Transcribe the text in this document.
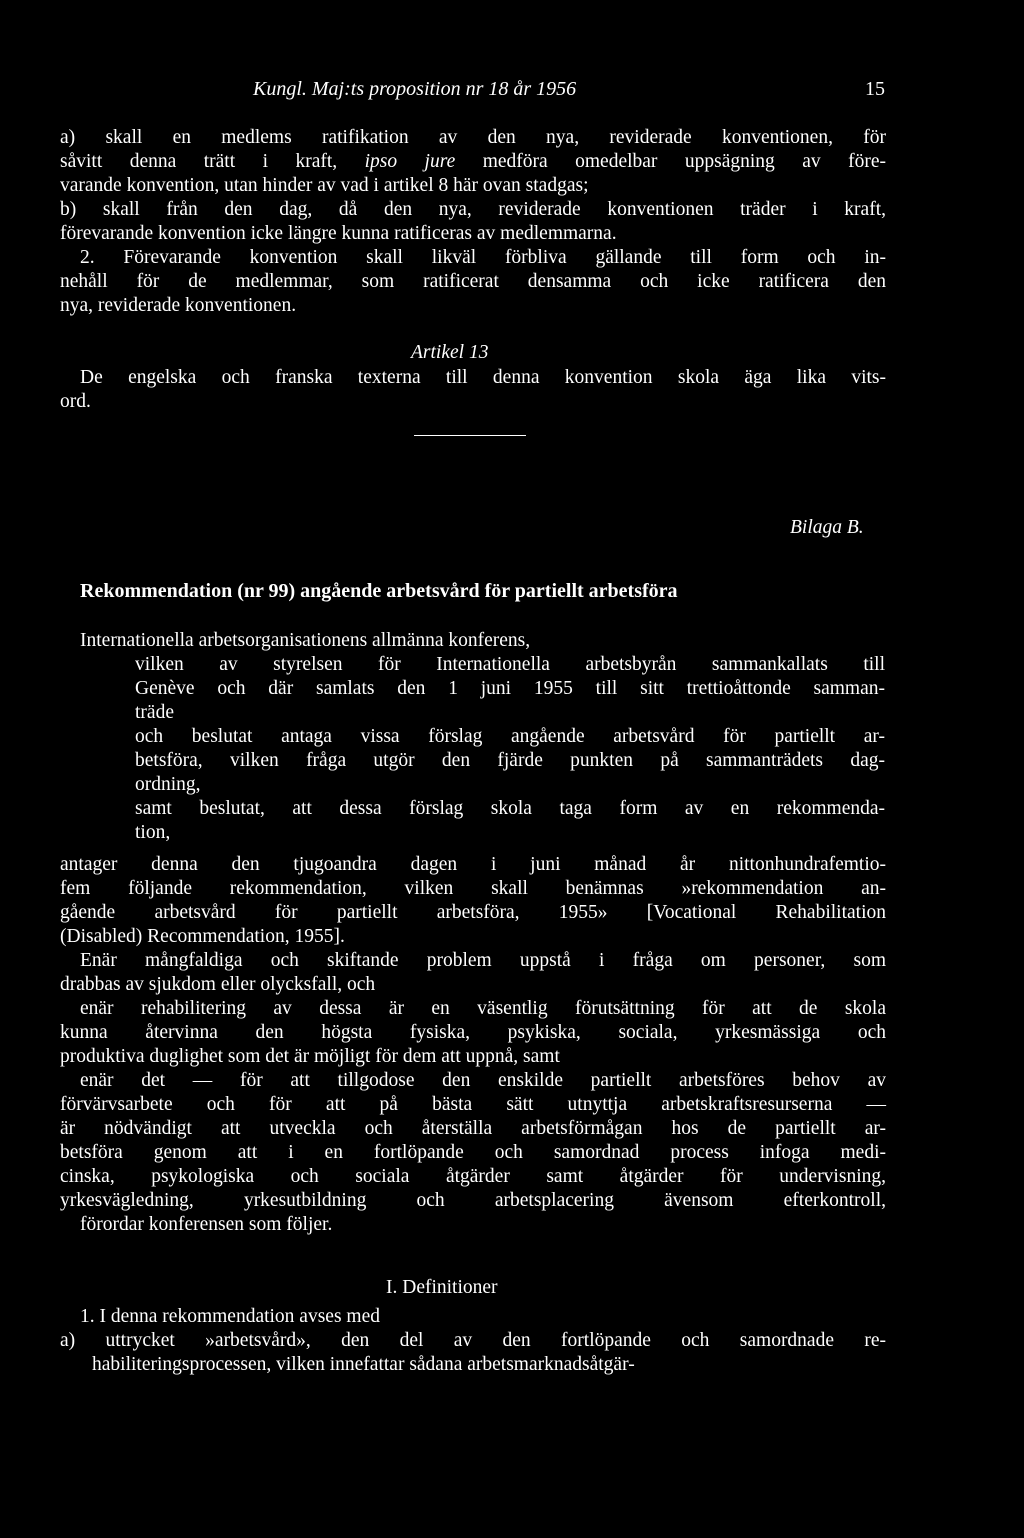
Kungl. Maj:ts proposition nr 18 år 1956	15
a) skall en medlems ratifikation av den nya, reviderade konventionen, för
såvitt denna trätt i kraft, ipso jure medföra omedelbar uppsägning av före-
varande konvention, utan hinder av vad i artikel 8 här ovan stadgas;
b) skall från den dag, då den nya, reviderade konventionen träder i kraft,
förevarande konvention icke längre kunna ratificeras av medlemmarna.
2. Förevarande konvention skall likväl förbliva gällande till form och in-
nehåll för de medlemmar, som ratificerat densamma och icke ratificera den
nya, reviderade konventionen.
Artikel 13
De engelska och franska texterna till denna konvention skola äga lika vits-
ord.
Bilaga B.
Rekommendation (nr 99) angående arbetsvård för partiellt arbetsföra
Internationella arbetsorganisationens allmänna konferens,
vilken av styrelsen för Internationella arbetsbyrån sammankallats till
Genève och där samlats den 1 juni 1955 till sitt trettioåttonde samman-
träde
och beslutat antaga vissa förslag angående arbetsvård för partiellt ar-
betsföra, vilken fråga utgör den fjärde punkten på sammanträdets dag-
ordning,
samt beslutat, att dessa förslag skola taga form av en rekommenda-
tion,
antager denna den tjugoandra dagen i juni månad år nittonhundrafemtio-
fem följande rekommendation, vilken skall benämnas »rekommendation an-
gående arbetsvård för partiellt arbetsföra, 1955» [Vocational Rehabilitation
(Disabled) Recommendation, 1955].
Enär mångfaldiga och skiftande problem uppstå i fråga om personer, som
drabbas av sjukdom eller olycksfall, och
enär rehabilitering av dessa är en väsentlig förutsättning för att de skola
kunna återvinna den högsta fysiska, psykiska, sociala, yrkesmässiga och
produktiva duglighet som det är möjligt för dem att uppnå, samt
enär det — för att tillgodose den enskilde partiellt arbetsföres behov av
förvärvsarbete och för att på bästa sätt utnyttja arbetskraftsresurserna —
är nödvändigt att utveckla och återställa arbetsförmågan hos de partiellt ar-
betsföra genom att i en fortlöpande och samordnad process infoga medi-
cinska, psykologiska och sociala åtgärder samt åtgärder för undervisning,
yrkesvägledning, yrkesutbildning och arbetsplacering ävensom efterkontroll,
förordar konferensen som följer.
I. Definitioner
1. I denna rekommendation avses med
a) uttrycket »arbetsvård», den del av den fortlöpande och samordnade re-
habiliteringsprocessen, vilken innefattar sådana arbetsmarknadsåtgär-
